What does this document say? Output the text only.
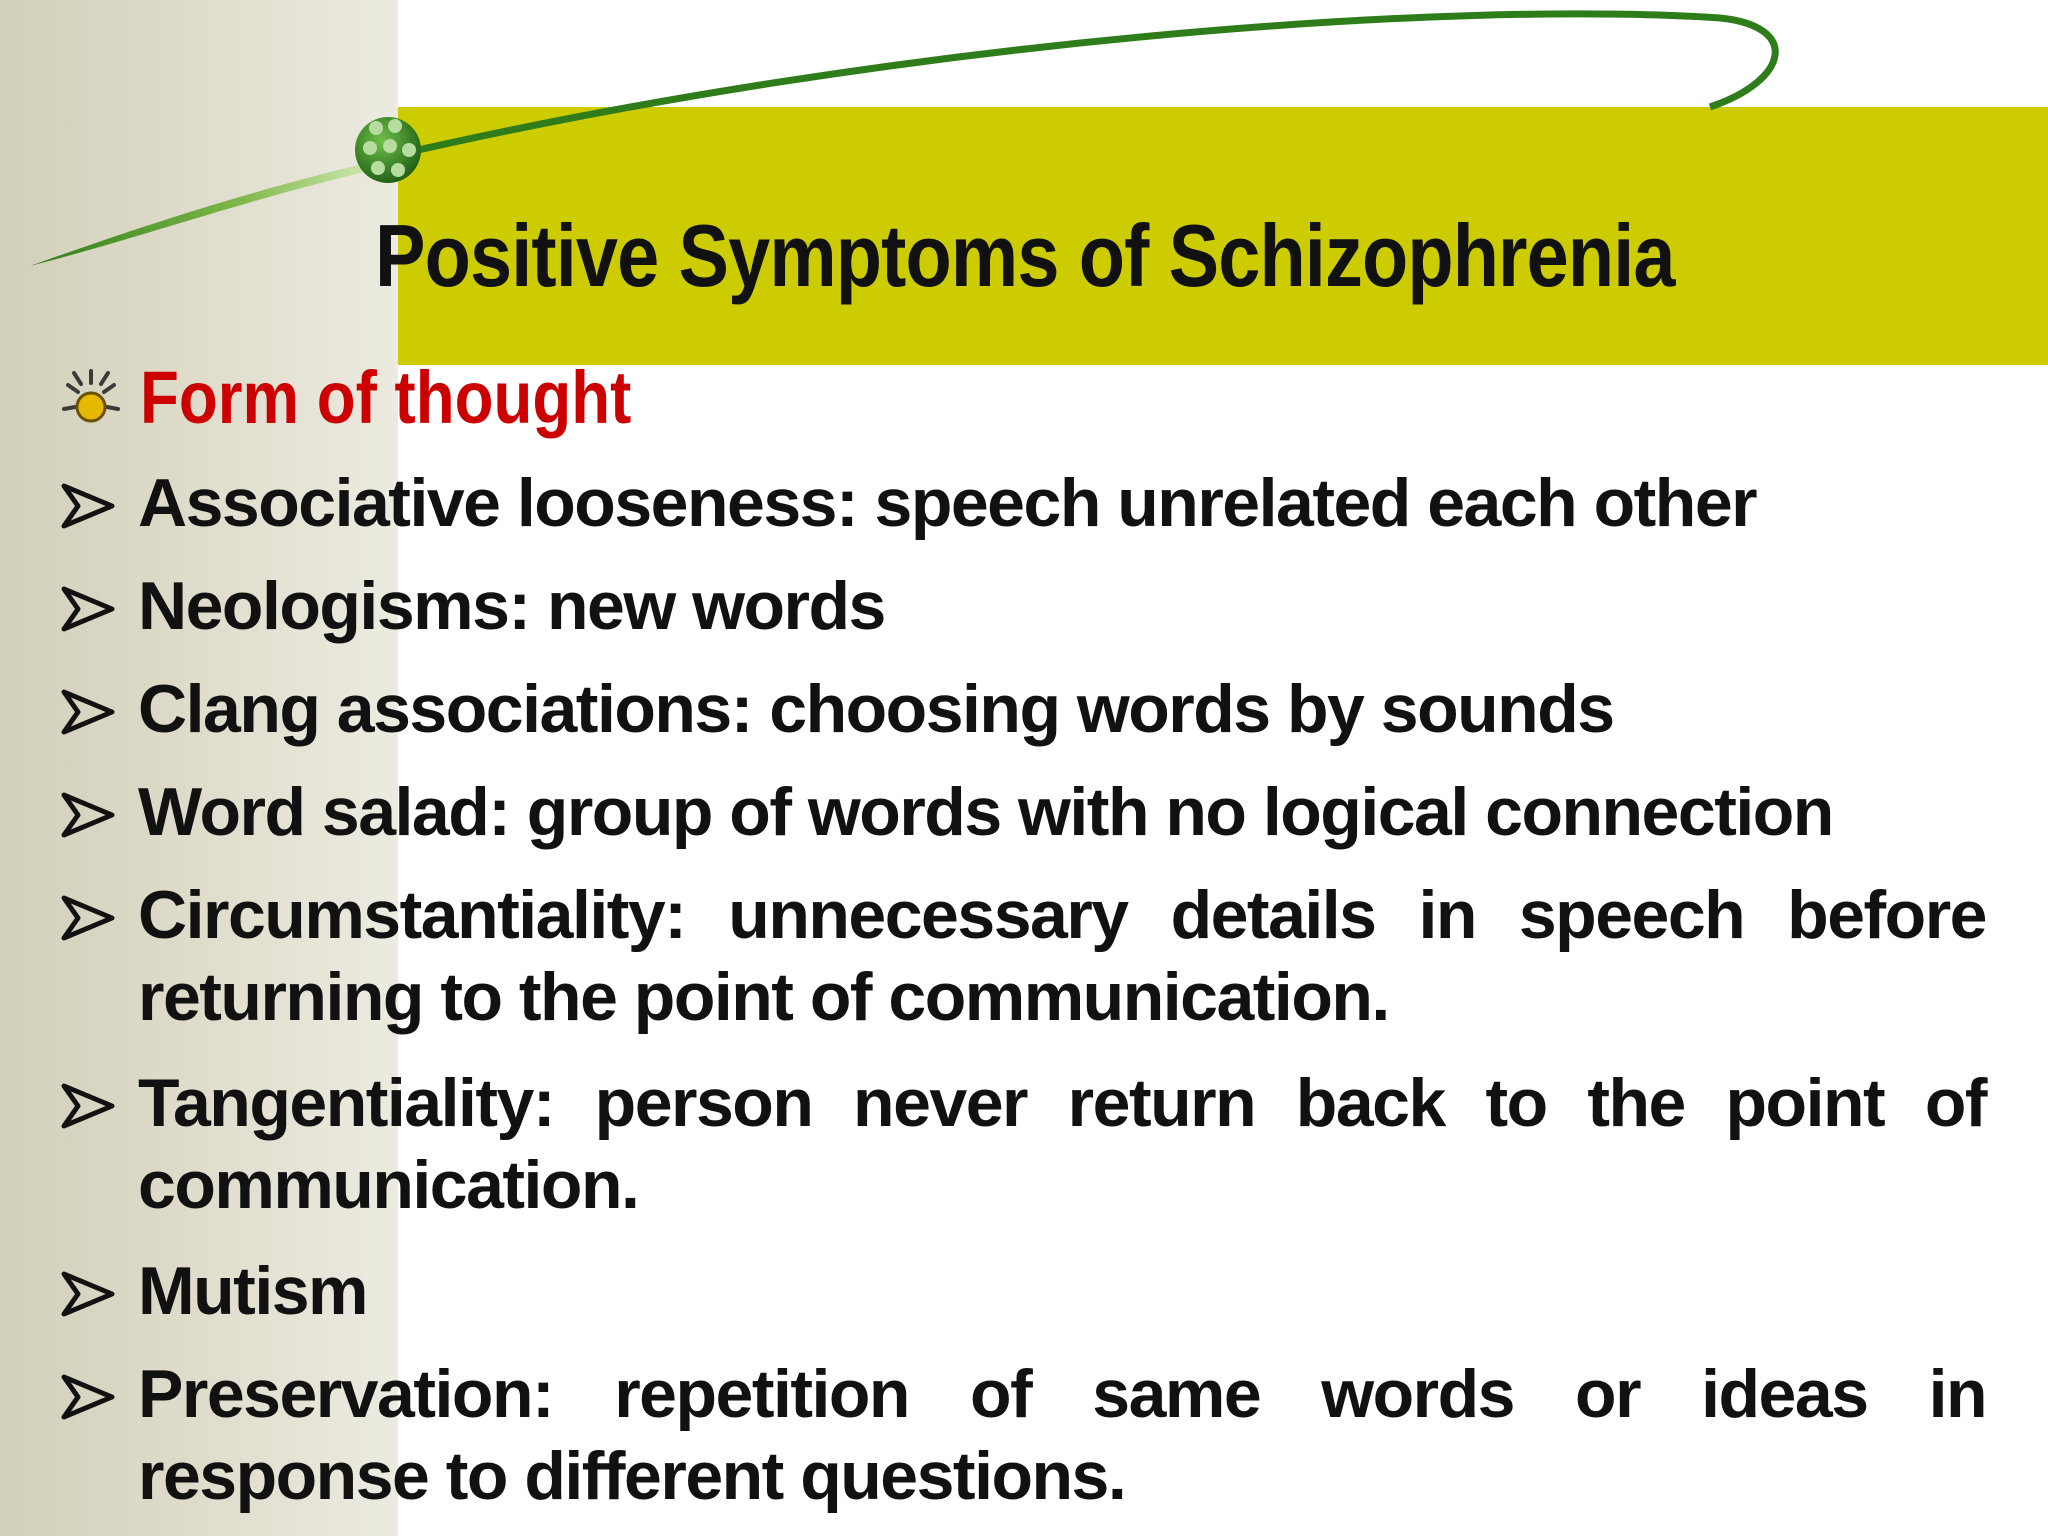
Positive Symptoms of Schizophrenia
Form of thought
Associative looseness: speech unrelated each other
Neologisms: new words
Clang associations: choosing words by sounds
Word salad: group of words with no logical connection
Circumstantiality: unnecessary details in speech before returning to the point of communication.
Tangentiality: person never return back to the point of communication.
Mutism
Preservation: repetition of same words or ideas in response to different questions.
